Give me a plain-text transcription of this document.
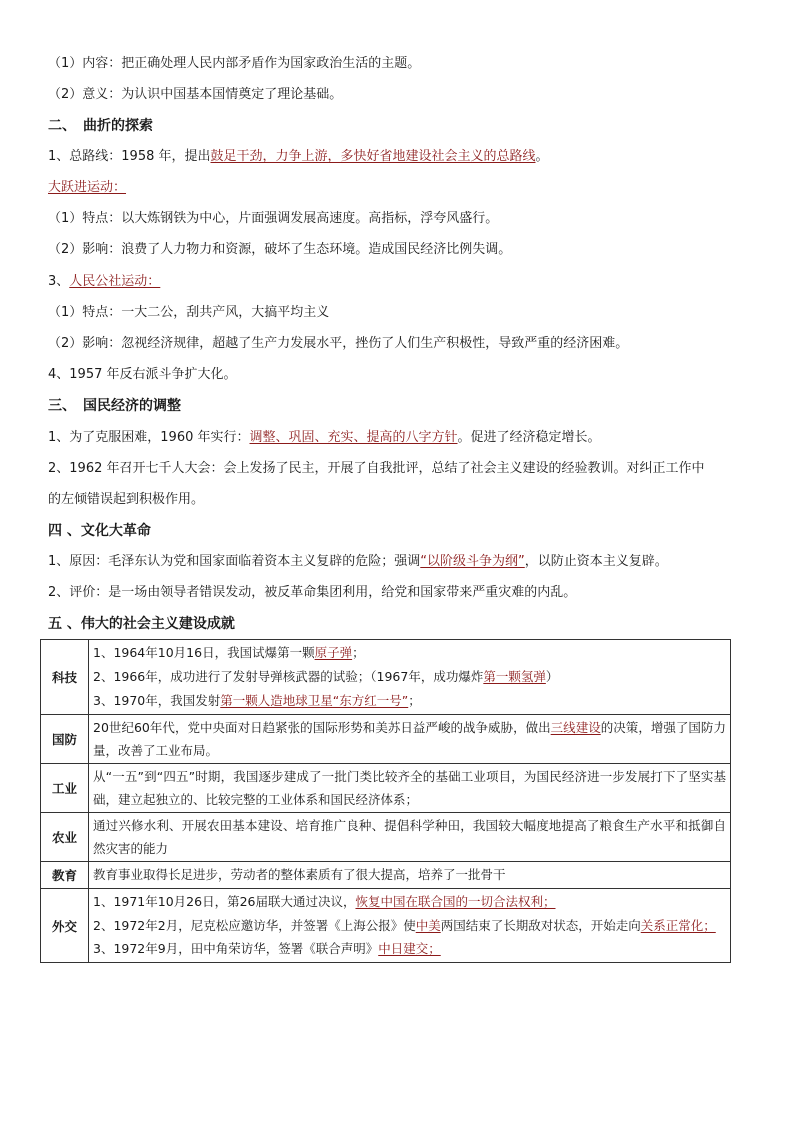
（1）内容：把正确处理人民内部矛盾作为国家政治生活的主题。
（2）意义：为认识中国基本国情奠定了理论基础。
二、　曲折的探索
1、总路线：1958 年，提出鼓足干劲，力争上游，多快好省地建设社会主义的总路线。
大跃进运动：
（1）特点：以大炼钢铁为中心，片面强调发展高速度。高指标，浮夸风盛行。
（2）影响：浪费了人力物力和资源，破坏了生态环境。造成国民经济比例失调。
3、人民公社运动：
（1）特点：一大二公，刮共产风，大搞平均主义
（2）影响：忽视经济规律，超越了生产力发展水平，挫伤了人们生产积极性，导致严重的经济困难。
4、1957 年反右派斗争扩大化。
三、　国民经济的调整
1、为了克服困难，1960 年实行：调整、巩固、充实、提高的八字方针。促进了经济稳定增长。
2、1962 年召开七千人大会：会上发扬了民主，开展了自我批评，总结了社会主义建设的经验教训。对纠正工作中
的左倾错误起到积极作用。
四 、文化大革命
1、原因：毛泽东认为党和国家面临着资本主义复辟的危险；强调“以阶级斗争为纲”，以防止资本主义复辟。
2、评价：是一场由领导者错误发动，被反革命集团利用，给党和国家带来严重灾难的内乱。
五 、伟大的社会主义建设成就
科技	1、1964年10月16日，我国试爆第一颗原子弹；
2、1966年，成功进行了发射导弹核武器的试验；（1967年，成功爆炸第一颗氢弹）
3、1970年，我国发射第一颗人造地球卫星“东方红一号”；

国防	20世纪60年代，党中央面对日趋紧张的国际形势和美苏日益严峻的战争威胁，做出三线建设的决策，增强了国防力量，改善了工业布局。

工业	从“一五”到“四五”时期，我国逐步建成了一批门类比较齐全的基础工业项目，为国民经济进一步发展打下了坚实基础，建立起独立的、比较完整的工业体系和国民经济体系；

农业	通过兴修水利、开展农田基本建设、培育推广良种、提倡科学种田，我国较大幅度地提高了粮食生产水平和抵御自然灾害的能力

教育	教育事业取得长足进步，劳动者的整体素质有了很大提高，培养了一批骨干

外交	1、1971年10月26日，第26届联大通过决议，恢复中国在联合国的一切合法权利；
2、1972年2月，尼克松应邀访华，并签署《上海公报》使中美两国结束了长期敌对状态，开始走向关系正常化；
3、1972年9月，田中角荣访华，签署《联合声明》中日建交；
